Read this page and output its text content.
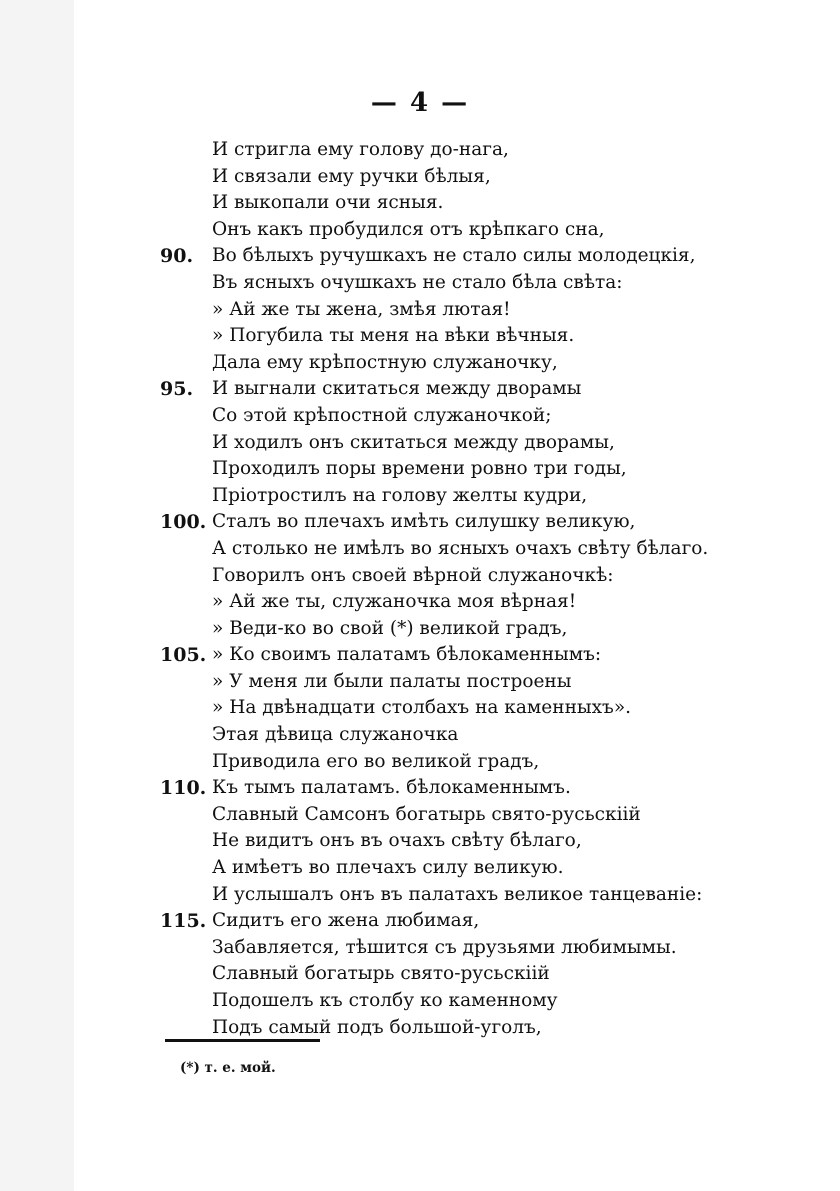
— 4 —
И стригла ему голову до-нага,
И связали ему ручки бѣлыя,
И выкопали очи ясныя.
Онъ какъ пробудился отъ крѣпкаго сна,
90.	Во бѣлыхъ ручушкахъ не стало силы молодецкія,
Въ ясныхъ очушкахъ не стало бѣла свѣта:
» Ай же ты жена, змѣя лютая!
» Погубила ты меня на вѣки вѣчныя.
Дала ему крѣпостную служаночку,
95.	И выгнали скитаться между дворамы
Со этой крѣпостной служаночкой;
И ходилъ онъ скитаться между дворамы,
Проходилъ поры времени ровно три годы,
Пріотростилъ на голову желты кудри,
100. Сталъ во плечахъ имѣть силушку великую,
А столько не имѣлъ во ясныхъ очахъ свѣту бѣлаго.
Говорилъ онъ своей вѣрной служаночкѣ:
» Ай же ты, служаночка моя вѣрная!
» Веди-ко во свой (*) великой градъ,
105. » Ко своимъ палатамъ бѣлокаменнымъ:
» У меня ли были палаты построены
» На двѣнадцати столбахъ на каменныхъ».
Этая дѣвица служаночка
Приводила его во великой градъ,
110. Къ тымъ палатамъ. бѣлокаменнымъ.
Славный Самсонъ богатырь свято-русьскіій
Не видитъ онъ въ очахъ свѣту бѣлаго,
А имѣетъ во плечахъ силу великую.
И услышалъ онъ въ палатахъ великое танцеваніе:
115. Сидитъ его жена любимая,
Забавляется, тѣшится съ друзьями любимымы.
Славный богатырь свято-русьскіій
Подошелъ къ столбу ко каменному
Подъ самый подъ большой-уголъ,
(*) т. е. мой.
